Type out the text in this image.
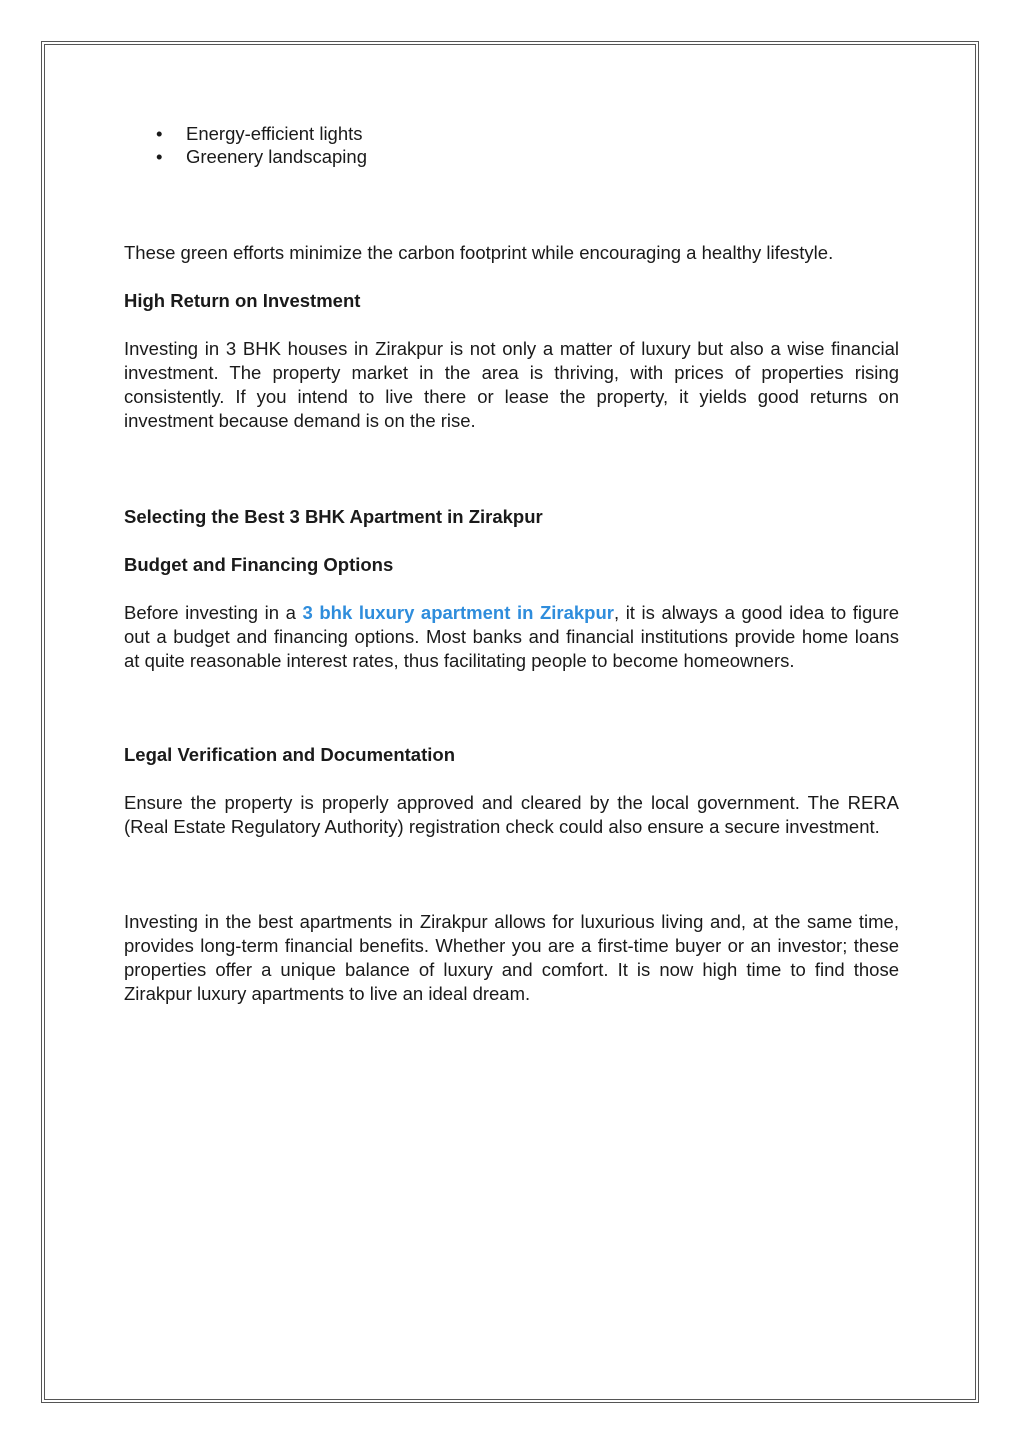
• Energy-efficient lights
• Greenery landscaping

These green efforts minimize the carbon footprint while encouraging a healthy lifestyle.

High Return on Investment

Investing in 3 BHK houses in Zirakpur is not only a matter of luxury but also a wise financial investment. The property market in the area is thriving, with prices of properties rising consistently. If you intend to live there or lease the property, it yields good returns on investment because demand is on the rise.

Selecting the Best 3 BHK Apartment in Zirakpur
Budget and Financing Options

Before investing in a 3 bhk luxury apartment in Zirakpur, it is always a good idea to figure out a budget and financing options. Most banks and financial institutions provide home loans at quite reasonable interest rates, thus facilitating people to become homeowners.

Legal Verification and Documentation

Ensure the property is properly approved and cleared by the local government. The RERA (Real Estate Regulatory Authority) registration check could also ensure a secure investment.

Investing in the best apartments in Zirakpur allows for luxurious living and, at the same time, provides long-term financial benefits. Whether you are a first-time buyer or an investor; these properties offer a unique balance of luxury and comfort. It is now high time to find those Zirakpur luxury apartments to live an ideal dream.
